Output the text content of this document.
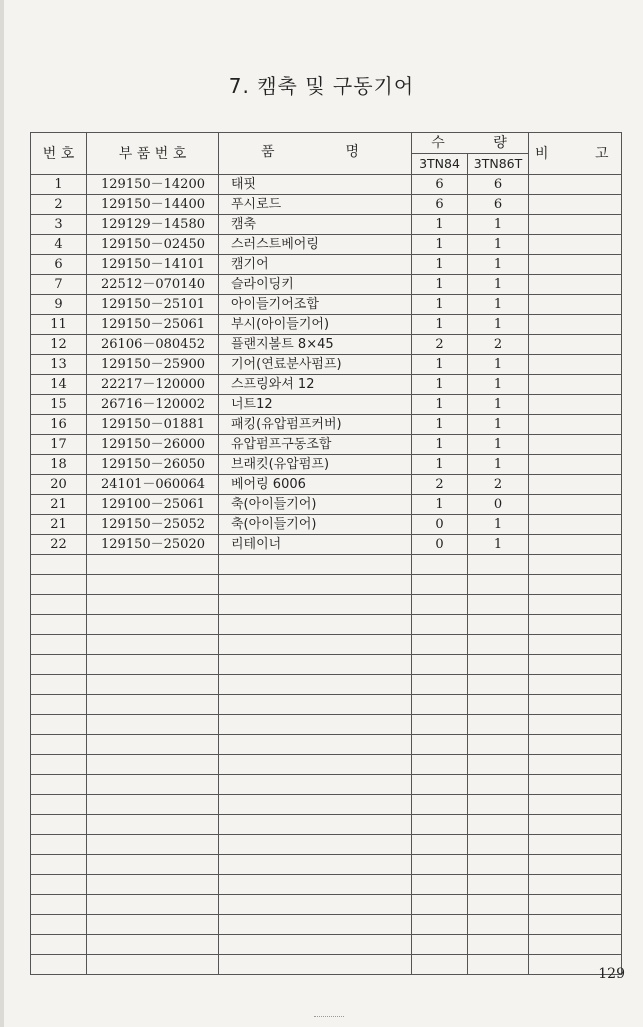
7. 캠축 및 구동기어
번 호	부 품 번 호	품 명	수 량		비 고
			3TN84	3TN86T	
1	129150－14200	태핏	6	6	
2	129150－14400	푸시로드	6	6	
3	129129－14580	캠축	1	1	
4	129150－02450	스러스트베어링	1	1	
6	129150－14101	캠기어	1	1	
7	22512－070140	슬라이딩키	1	1	
9	129150－25101	아이들기어조합	1	1	
11	129150－25061	부시(아이들기어)	1	1	
12	26106－080452	플랜지볼트 8×45	2	2	
13	129150－25900	기어(연료분사펌프)	1	1	
14	22217－120000	스프링와셔 12	1	1	
15	26716－120002	너트12	1	1	
16	129150－01881	패킹(유압펌프커버)	1	1	
17	129150－26000	유압펌프구동조합	1	1	
18	129150－26050	브래킷(유압펌프)	1	1	
20	24101－060064	베어링 6006	2	2	
21	129100－25061	축(아이들기어)	1	0	
21	129150－25052	축(아이들기어)	0	1	
22	129150－25020	리테이너	0	1	

129
